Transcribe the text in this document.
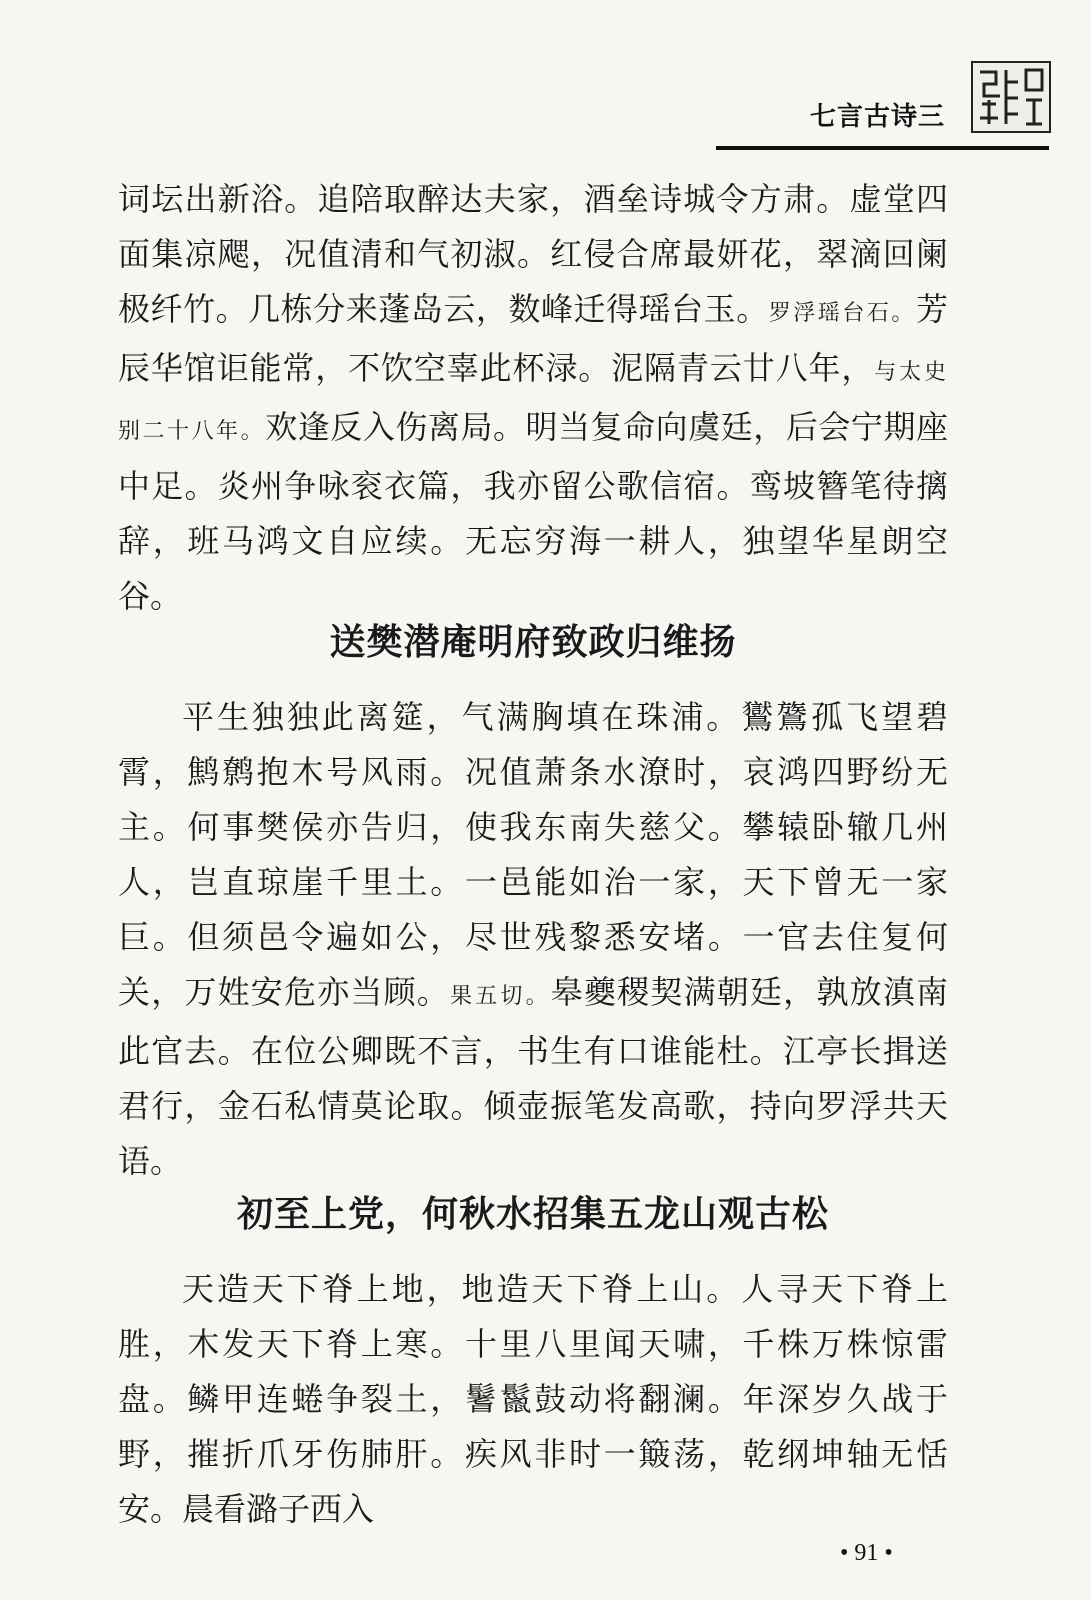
七言古诗三

词坛出新浴。追陪取醉达夫家，酒垒诗城令方肃。虚堂四面集凉飔，况值清和气初淑。红侵合席最妍花，翠滴回阑极纤竹。几栋分来蓬岛云，数峰迁得瑶台玉。罗浮瑶台石。芳辰华馆讵能常，不饮空辜此杯渌。泥隔青云廿八年，与太史别二十八年。欢逢反入伤离局。明当复命向虞廷，后会宁期座中足。炎州争咏衮衣篇，我亦留公歌信宿。鸾坡簪笔待摛辞，班马鸿文自应续。无忘穷海一耕人，独望华星朗空谷。

送樊潜庵明府致政归维扬

平生独独此离筵，气满胸填在珠浦。鸑鷟孤飞望碧霄，鹪鹩抱木号风雨。况值萧条水潦时，哀鸿四野纷无主。何事樊侯亦告归，使我东南失慈父。攀辕卧辙几州人，岂直琼崖千里土。一邑能如治一家，天下曾无一家巨。但须邑令遍如公，尽世残黎悉安堵。一官去住复何关，万姓安危亦当顾。果五切。皋夔稷契满朝廷，孰放滇南此官去。在位公卿既不言，书生有口谁能杜。江亭长揖送君行，金石私情莫论取。倾壶振笔发高歌，持向罗浮共天语。

初至上党，何秋水招集五龙山观古松

天造天下脊上地，地造天下脊上山。人寻天下脊上胜，木发天下脊上寒。十里八里闻天啸，千株万株惊雷盘。鳞甲连蜷争裂土，鬐鬣鼓动将翻澜。年深岁久战于野，摧折爪牙伤肺肝。疾风非时一簸荡，乾纲坤轴无恬安。晨看潞子西入

• 91 •
